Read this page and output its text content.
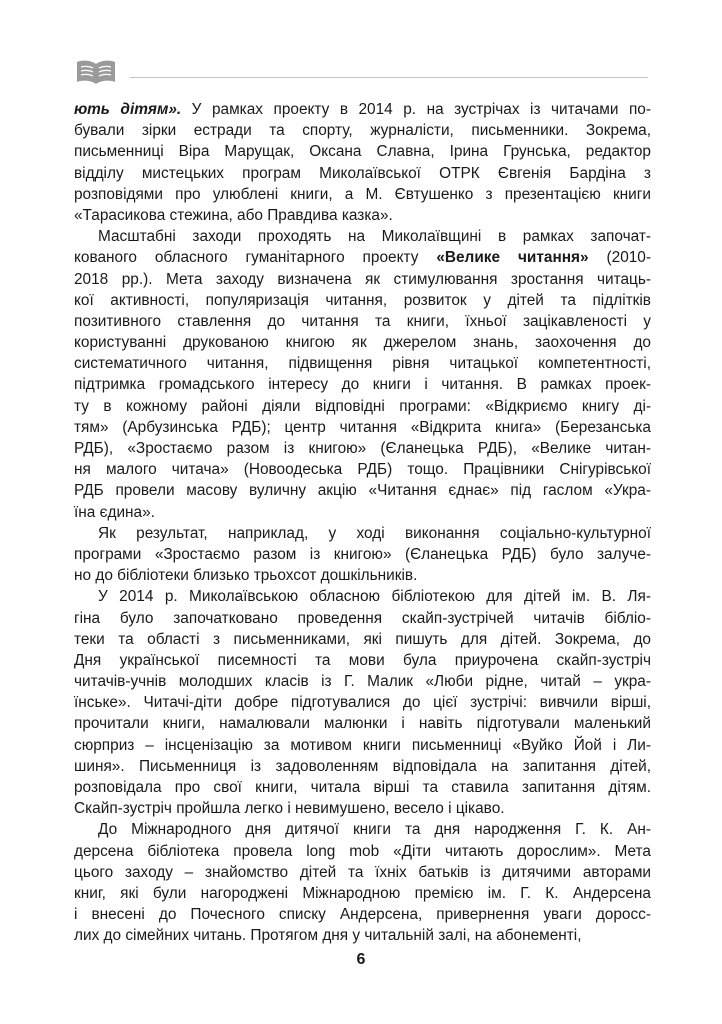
ють дітям». У рамках проекту в 2014 р. на зустрічах із читачами по-
бували зірки естради та спорту, журналісти, письменники. Зокрема,
письменниці Віра Марущак, Оксана Славна, Ірина Грунська, редактор
відділу мистецьких програм Миколаївської ОТРК Євгенія Бардіна з
розповідями про улюблені книги, а М. Євтушенко з презентацією книги
«Тарасикова стежина, або Правдива казка».
Масштабні заходи проходять на Миколаївщині в рамках започат-
кованого обласного гуманітарного проекту «Велике читання» (2010-
2018 рр.). Мета заходу визначена як стимулювання зростання читаць-
кої активності, популяризація читання, розвиток у дітей та підлітків
позитивного ставлення до читання та книги, їхньої зацікавленості у
користуванні друкованою книгою як джерелом знань, заохочення до
систематичного читання, підвищення рівня читацької компетентності,
підтримка громадського інтересу до книги і читання. В рамках проек-
ту в кожному районі діяли відповідні програми: «Відкриємо книгу ді-
тям» (Арбузинська РДБ); центр читання «Відкрита книга» (Березанська
РДБ), «Зростаємо разом із книгою» (Єланецька РДБ), «Велике читан-
ня малого читача» (Новоодеська РДБ) тощо. Працівники Снігурівської
РДБ провели масову вуличну акцію «Читання єднає» під гаслом «Укра-
їна єдина».
Як результат, наприклад, у ході виконання соціально-культурної
програми «Зростаємо разом із книгою» (Єланецька РДБ) було залуче-
но до бібліотеки близько трьохсот дошкільників.
У 2014 р. Миколаївською обласною бібліотекою для дітей ім. В. Ля-
гіна було започатковано проведення скайп-зустрічей читачів бібліо-
теки та області з письменниками, які пишуть для дітей. Зокрема, до
Дня української писемності та мови була приурочена скайп-зустріч
читачів-учнів молодших класів із Г. Малик «Люби рідне, читай – укра-
їнське». Читачі-діти добре підготувалися до цієї зустрічі: вивчили вірші,
прочитали книги, намалювали малюнки і навіть підготували маленький
сюрприз – інсценізацію за мотивом книги письменниці «Вуйко Йой і Ли-
шиня». Письменниця із задоволенням відповідала на запитання дітей,
розповідала про свої книги, читала вірші та ставила запитання дітям.
Скайп-зустріч пройшла легко і невимушено, весело і цікаво.
До Міжнародного дня дитячої книги та дня народження Г. К. Ан-
дерсена бібліотека провела long mob «Діти читають дорослим». Мета
цього заходу – знайомство дітей та їхніх батьків із дитячими авторами
книг, які були нагороджені Міжнародною премією ім. Г. К. Андерсена
і внесені до Почесного списку Андерсена, привернення уваги доросс-
лих до сімейних читань. Протягом дня у читальній залі, на абонементі,
6
